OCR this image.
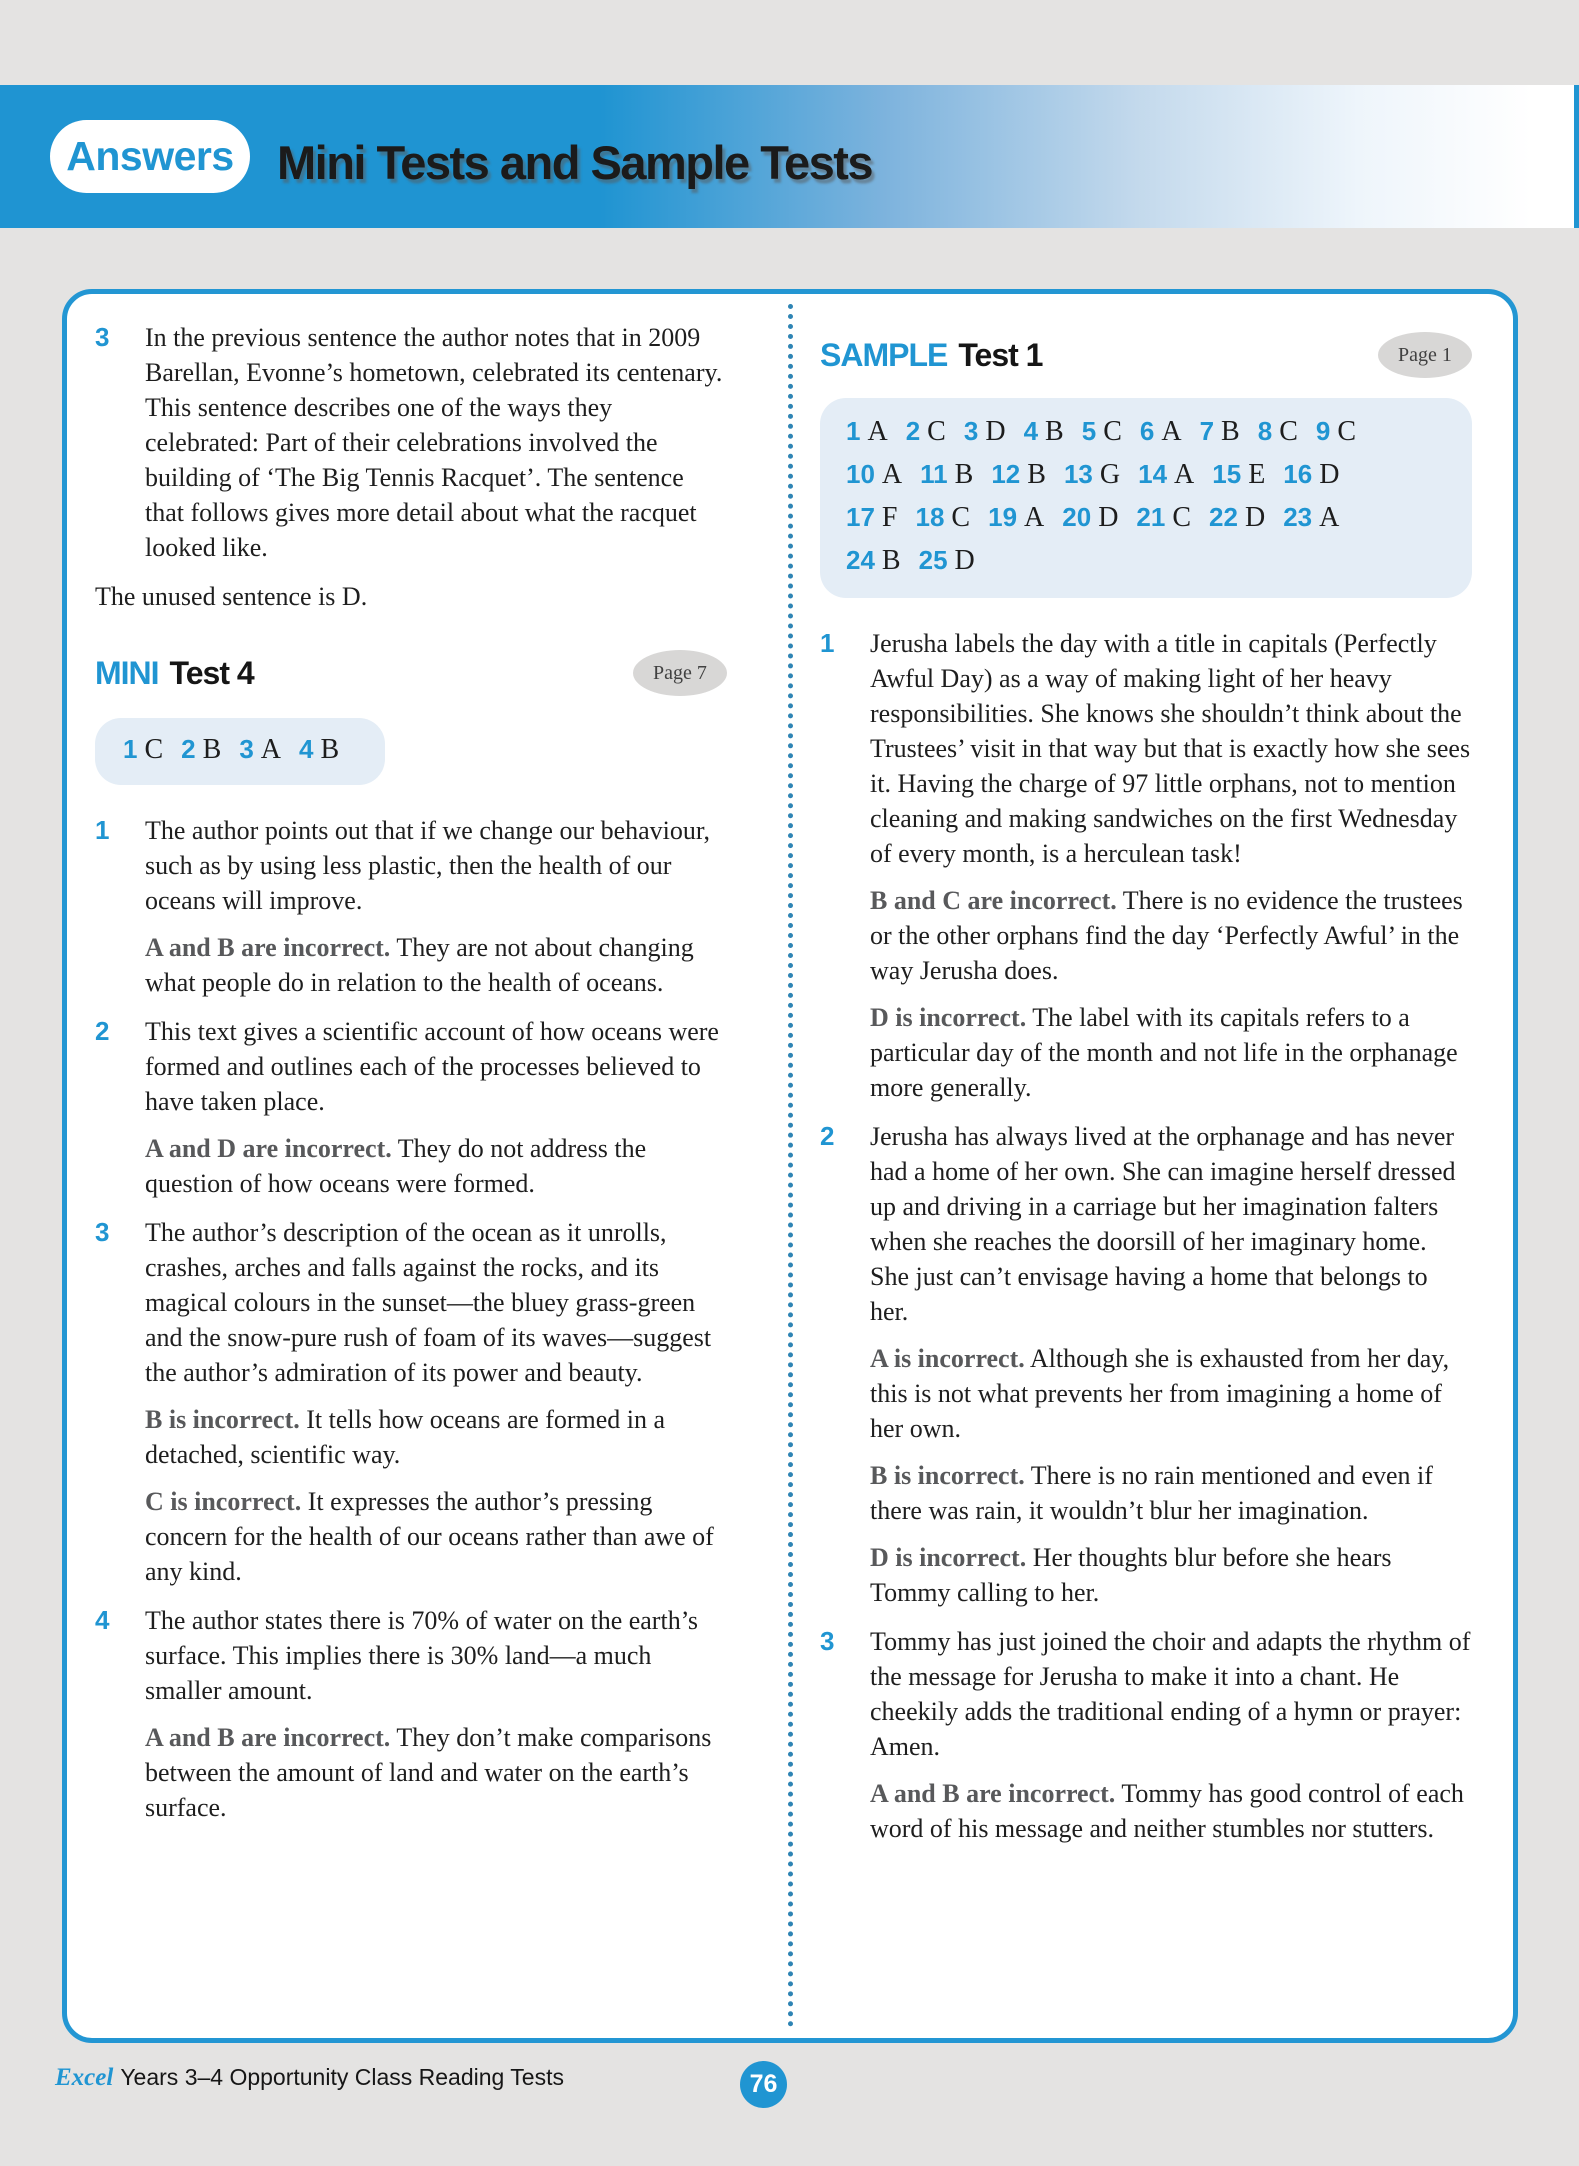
Answers Mini Tests and Sample Tests
3	In the previous sentence the author notes that in 2009 Barellan, Evonne’s hometown, celebrated its centenary. This sentence describes one of the ways they celebrated: Part of their celebrations involved the building of ‘The Big Tennis Racquet’. The sentence that follows gives more detail about what the racquet looked like.
The unused sentence is D.
MINI Test 4	Page 7
1 C 2 B 3 A 4 B
1	The author points out that if we change our behaviour, such as by using less plastic, then the health of our oceans will improve.
A and B are incorrect. They are not about changing what people do in relation to the health of oceans.
2	This text gives a scientific account of how oceans were formed and outlines each of the processes believed to have taken place.
A and D are incorrect. They do not address the question of how oceans were formed.
3	The author’s description of the ocean as it unrolls, crashes, arches and falls against the rocks, and its magical colours in the sunset—the bluey grass-green and the snow-pure rush of foam of its waves—suggest the author’s admiration of its power and beauty.
B is incorrect. It tells how oceans are formed in a detached, scientific way.
C is incorrect. It expresses the author’s pressing concern for the health of our oceans rather than awe of any kind.
4	The author states there is 70% of water on the earth’s surface. This implies there is 30% land—a much smaller amount.
A and B are incorrect. They don’t make comparisons between the amount of land and water on the earth’s surface.
SAMPLE Test 1	Page 1
1 A 2 C 3 D 4 B 5 C 6 A 7 B 8 C 9 C
10 A 11 B 12 B 13 G 14 A 15 E 16 D
17 F 18 C 19 A 20 D 21 C 22 D 23 A
24 B 25 D
1	Jerusha labels the day with a title in capitals (Perfectly Awful Day) as a way of making light of her heavy responsibilities. She knows she shouldn’t think about the Trustees’ visit in that way but that is exactly how she sees it. Having the charge of 97 little orphans, not to mention cleaning and making sandwiches on the first Wednesday of every month, is a herculean task!
B and C are incorrect. There is no evidence the trustees or the other orphans find the day ‘Perfectly Awful’ in the way Jerusha does.
D is incorrect. The label with its capitals refers to a particular day of the month and not life in the orphanage more generally.
2	Jerusha has always lived at the orphanage and has never had a home of her own. She can imagine herself dressed up and driving in a carriage but her imagination falters when she reaches the doorsill of her imaginary home. She just can’t envisage having a home that belongs to her.
A is incorrect. Although she is exhausted from her day, this is not what prevents her from imagining a home of her own.
B is incorrect. There is no rain mentioned and even if there was rain, it wouldn’t blur her imagination.
D is incorrect. Her thoughts blur before she hears Tommy calling to her.
3	Tommy has just joined the choir and adapts the rhythm of the message for Jerusha to make it into a chant. He cheekily adds the traditional ending of a hymn or prayer: Amen.
A and B are incorrect. Tommy has good control of each word of his message and neither stumbles nor stutters.
Excel Years 3–4 Opportunity Class Reading Tests	76
